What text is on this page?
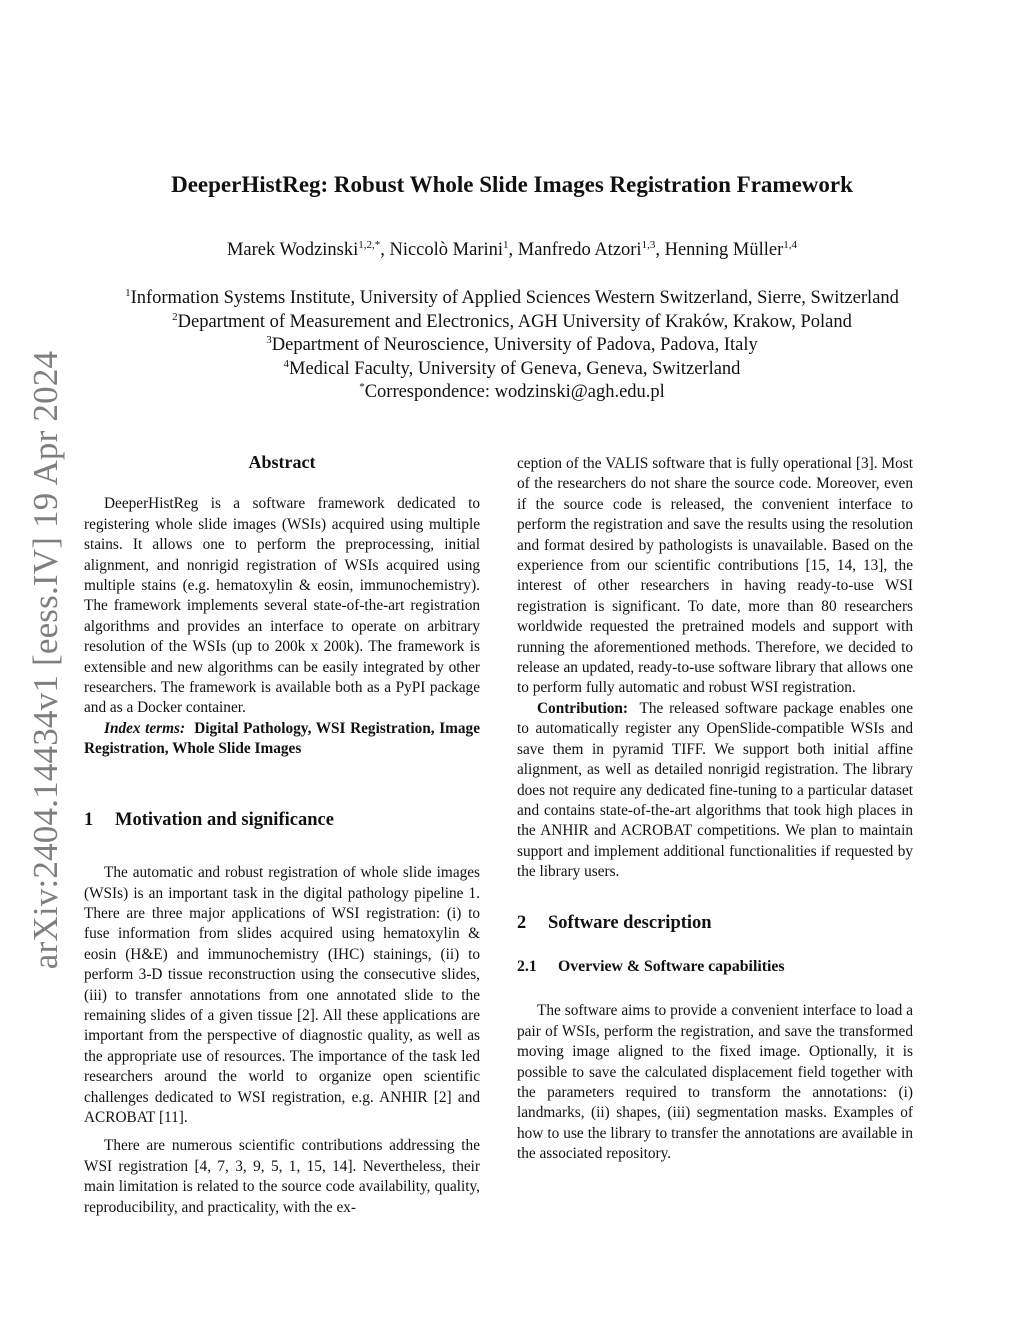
arXiv:2404.14434v1 [eess.IV] 19 Apr 2024
DeeperHistReg: Robust Whole Slide Images Registration Framework
Marek Wodzinski$^{1,2,*}$, Niccolò Marini$^1$, Manfredo Atzori$^{1,3}$, Henning Müller$^{1,4}$
$^1$Information Systems Institute, University of Applied Sciences Western Switzerland, Sierre, Switzerland
$^2$Department of Measurement and Electronics, AGH University of Kraków, Krakow, Poland
$^3$Department of Neuroscience, University of Padova, Padova, Italy
$^4$Medical Faculty, University of Geneva, Geneva, Switzerland
*Correspondence: wodzinski@agh.edu.pl
Abstract

DeeperHistReg is a software framework dedicated to registering whole slide images (WSIs) acquired using multiple stains. It allows one to perform the preprocessing, initial alignment, and nonrigid registration of WSIs acquired using multiple stains (e.g. hematoxylin & eosin, immunochemistry). The framework implements several state-of-the-art registration algorithms and provides an interface to operate on arbitrary resolution of the WSIs (up to 200k x 200k). The framework is extensible and new algorithms can be easily integrated by other researchers. The framework is available both as a PyPI package and as a Docker container.

Index terms: Digital Pathology, WSI Registration, Image Registration, Whole Slide Images

1	Motivation and significance

The automatic and robust registration of whole slide images (WSIs) is an important task in the digital pathology pipeline 1. There are three major applications of WSI registration: (i) to fuse information from slides acquired using hematoxylin & eosin (H&E) and immunochemistry (IHC) stainings, (ii) to perform 3-D tissue reconstruction using the consecutive slides, (iii) to transfer annotations from one annotated slide to the remaining slides of a given tissue [2]. All these applications are important from the perspective of diagnostic quality, as well as the appropriate use of resources. The importance of the task led researchers around the world to organize open scientific challenges dedicated to WSI registration, e.g. ANHIR [2] and ACROBAT [11].

There are numerous scientific contributions addressing the WSI registration [4, 7, 3, 9, 5, 1, 15, 14]. Nevertheless, their main limitation is related to the source code availability, quality, reproducibility, and practicality, with the ex-

ception of the VALIS software that is fully operational [3]. Most of the researchers do not share the source code. Moreover, even if the source code is released, the convenient interface to perform the registration and save the results using the resolution and format desired by pathologists is unavailable. Based on the experience from our scientific contributions [15, 14, 13], the interest of other researchers in having ready-to-use WSI registration is significant. To date, more than 80 researchers worldwide requested the pretrained models and support with running the aforementioned methods. Therefore, we decided to release an updated, ready-to-use software library that allows one to perform fully automatic and robust WSI registration.

Contribution: The released software package enables one to automatically register any OpenSlide-compatible WSIs and save them in pyramid TIFF. We support both initial affine alignment, as well as detailed nonrigid registration. The library does not require any dedicated fine-tuning to a particular dataset and contains state-of-the-art algorithms that took high places in the ANHIR and ACROBAT competitions. We plan to maintain support and implement additional functionalities if requested by the library users.

2	Software description
2.1	Overview & Software capabilities

The software aims to provide a convenient interface to load a pair of WSIs, perform the registration, and save the transformed moving image aligned to the fixed image. Optionally, it is possible to save the calculated displacement field together with the parameters required to transform the annotations: (i) landmarks, (ii) shapes, (iii) segmentation masks. Examples of how to use the library to transfer the annotations are available in the associated repository.
